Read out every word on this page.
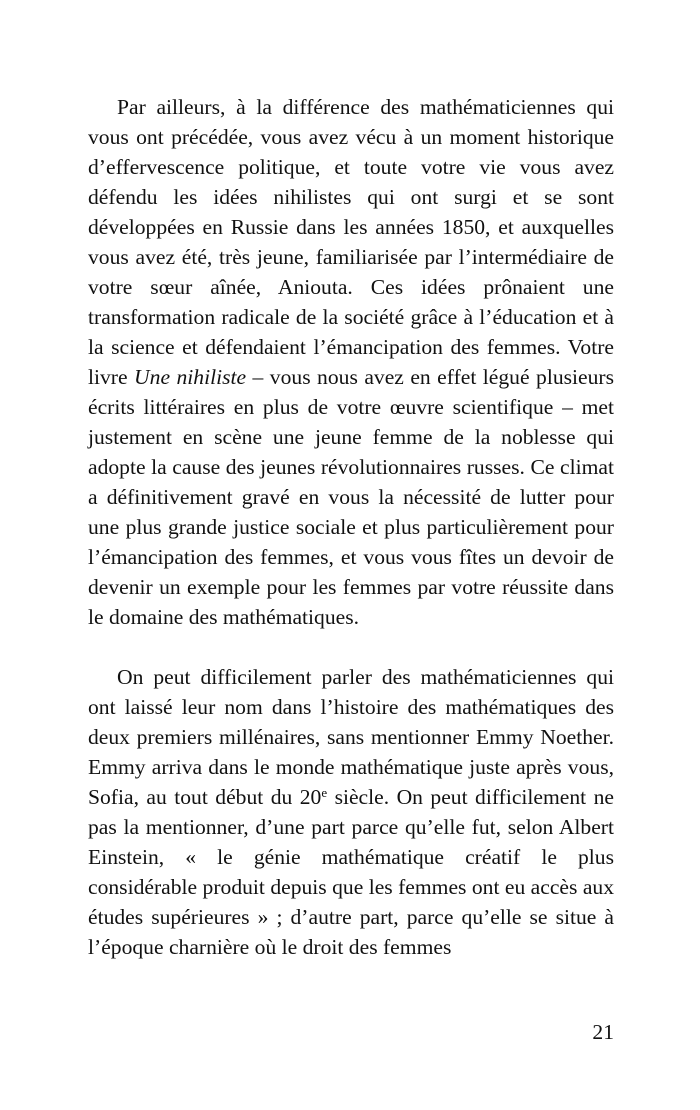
Par ailleurs, à la différence des mathématiciennes qui vous ont précédée, vous avez vécu à un moment historique d’effervescence politique, et toute votre vie vous avez défendu les idées nihilistes qui ont surgi et se sont développées en Russie dans les années 1850, et auxquelles vous avez été, très jeune, familiarisée par l’intermédiaire de votre sœur aînée, Aniouta. Ces idées prônaient une transformation radicale de la société grâce à l’éducation et à la science et défendaient l’émancipation des femmes. Votre livre Une nihiliste – vous nous avez en effet légué plusieurs écrits littéraires en plus de votre œuvre scientifique – met justement en scène une jeune femme de la noblesse qui adopte la cause des jeunes révolutionnaires russes. Ce climat a définitivement gravé en vous la nécessité de lutter pour une plus grande justice sociale et plus particulièrement pour l’émancipation des femmes, et vous vous fîtes un devoir de devenir un exemple pour les femmes par votre réussite dans le domaine des mathématiques.

On peut difficilement parler des mathématiciennes qui ont laissé leur nom dans l’histoire des mathématiques des deux premiers millénaires, sans mentionner Emmy Noether. Emmy arriva dans le monde mathématique juste après vous, Sofia, au tout début du 20e siècle. On peut difficilement ne pas la mentionner, d’une part parce qu’elle fut, selon Albert Einstein, « le génie mathématique créatif le plus considérable produit depuis que les femmes ont eu accès aux études supérieures » ; d’autre part, parce qu’elle se situe à l’époque charnière où le droit des femmes

21
